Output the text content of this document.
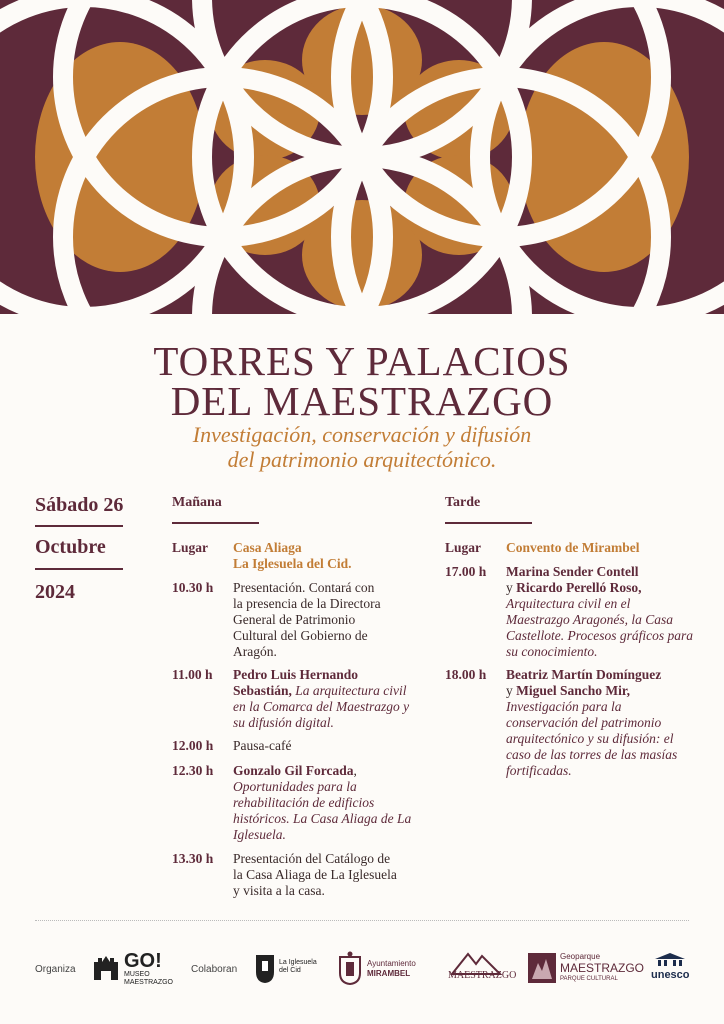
TORRES Y PALACIOS
DEL MAESTRAZGO
Investigación, conservación y difusión
del patrimonio arquitectónico.
Sábado 26
Octubre
2024
Mañana
Lugar Casa Aliaga
La Iglesuela del Cid.
10.30 h Presentación. Contará con
la presencia de la Directora
General de Patrimonio
Cultural del Gobierno de
Aragón.
11.00 h Pedro Luis Hernando
Sebastián, La arquitectura civil
en la Comarca del Maestrazgo y
su difusión digital.
12.00 h Pausa-café
12.30 h Gonzalo Gil Forcada,
Oportunidades para la
rehabilitación de edificios
históricos. La Casa Aliaga de La
Iglesuela.
13.30 h Presentación del Catálogo de
la Casa Aliaga de La Iglesuela
y visita a la casa.
Tarde
Lugar Convento de Mirambel
17.00 h Marina Sender Contell
y Ricardo Perelló Roso,
Arquitectura civil en el
Maestrazgo Aragonés, la Casa
Castellote. Procesos gráficos para
su conocimiento.
18.00 h Beatriz Martín Domínguez
y Miguel Sancho Mir,
Investigación para la
conservación del patrimonio
arquitectónico y su difusión: el
caso de las torres de las masías
fortificadas.
Organiza GO!
MUSEO
MAESTRAZGO
Colaboran
La Iglesuela
del Cid
Ayuntamiento
MIRAMBEL	MAESTRAZGO
Geoparque
MAESTRAZGO
PARQUE CULTURAL	unesco
